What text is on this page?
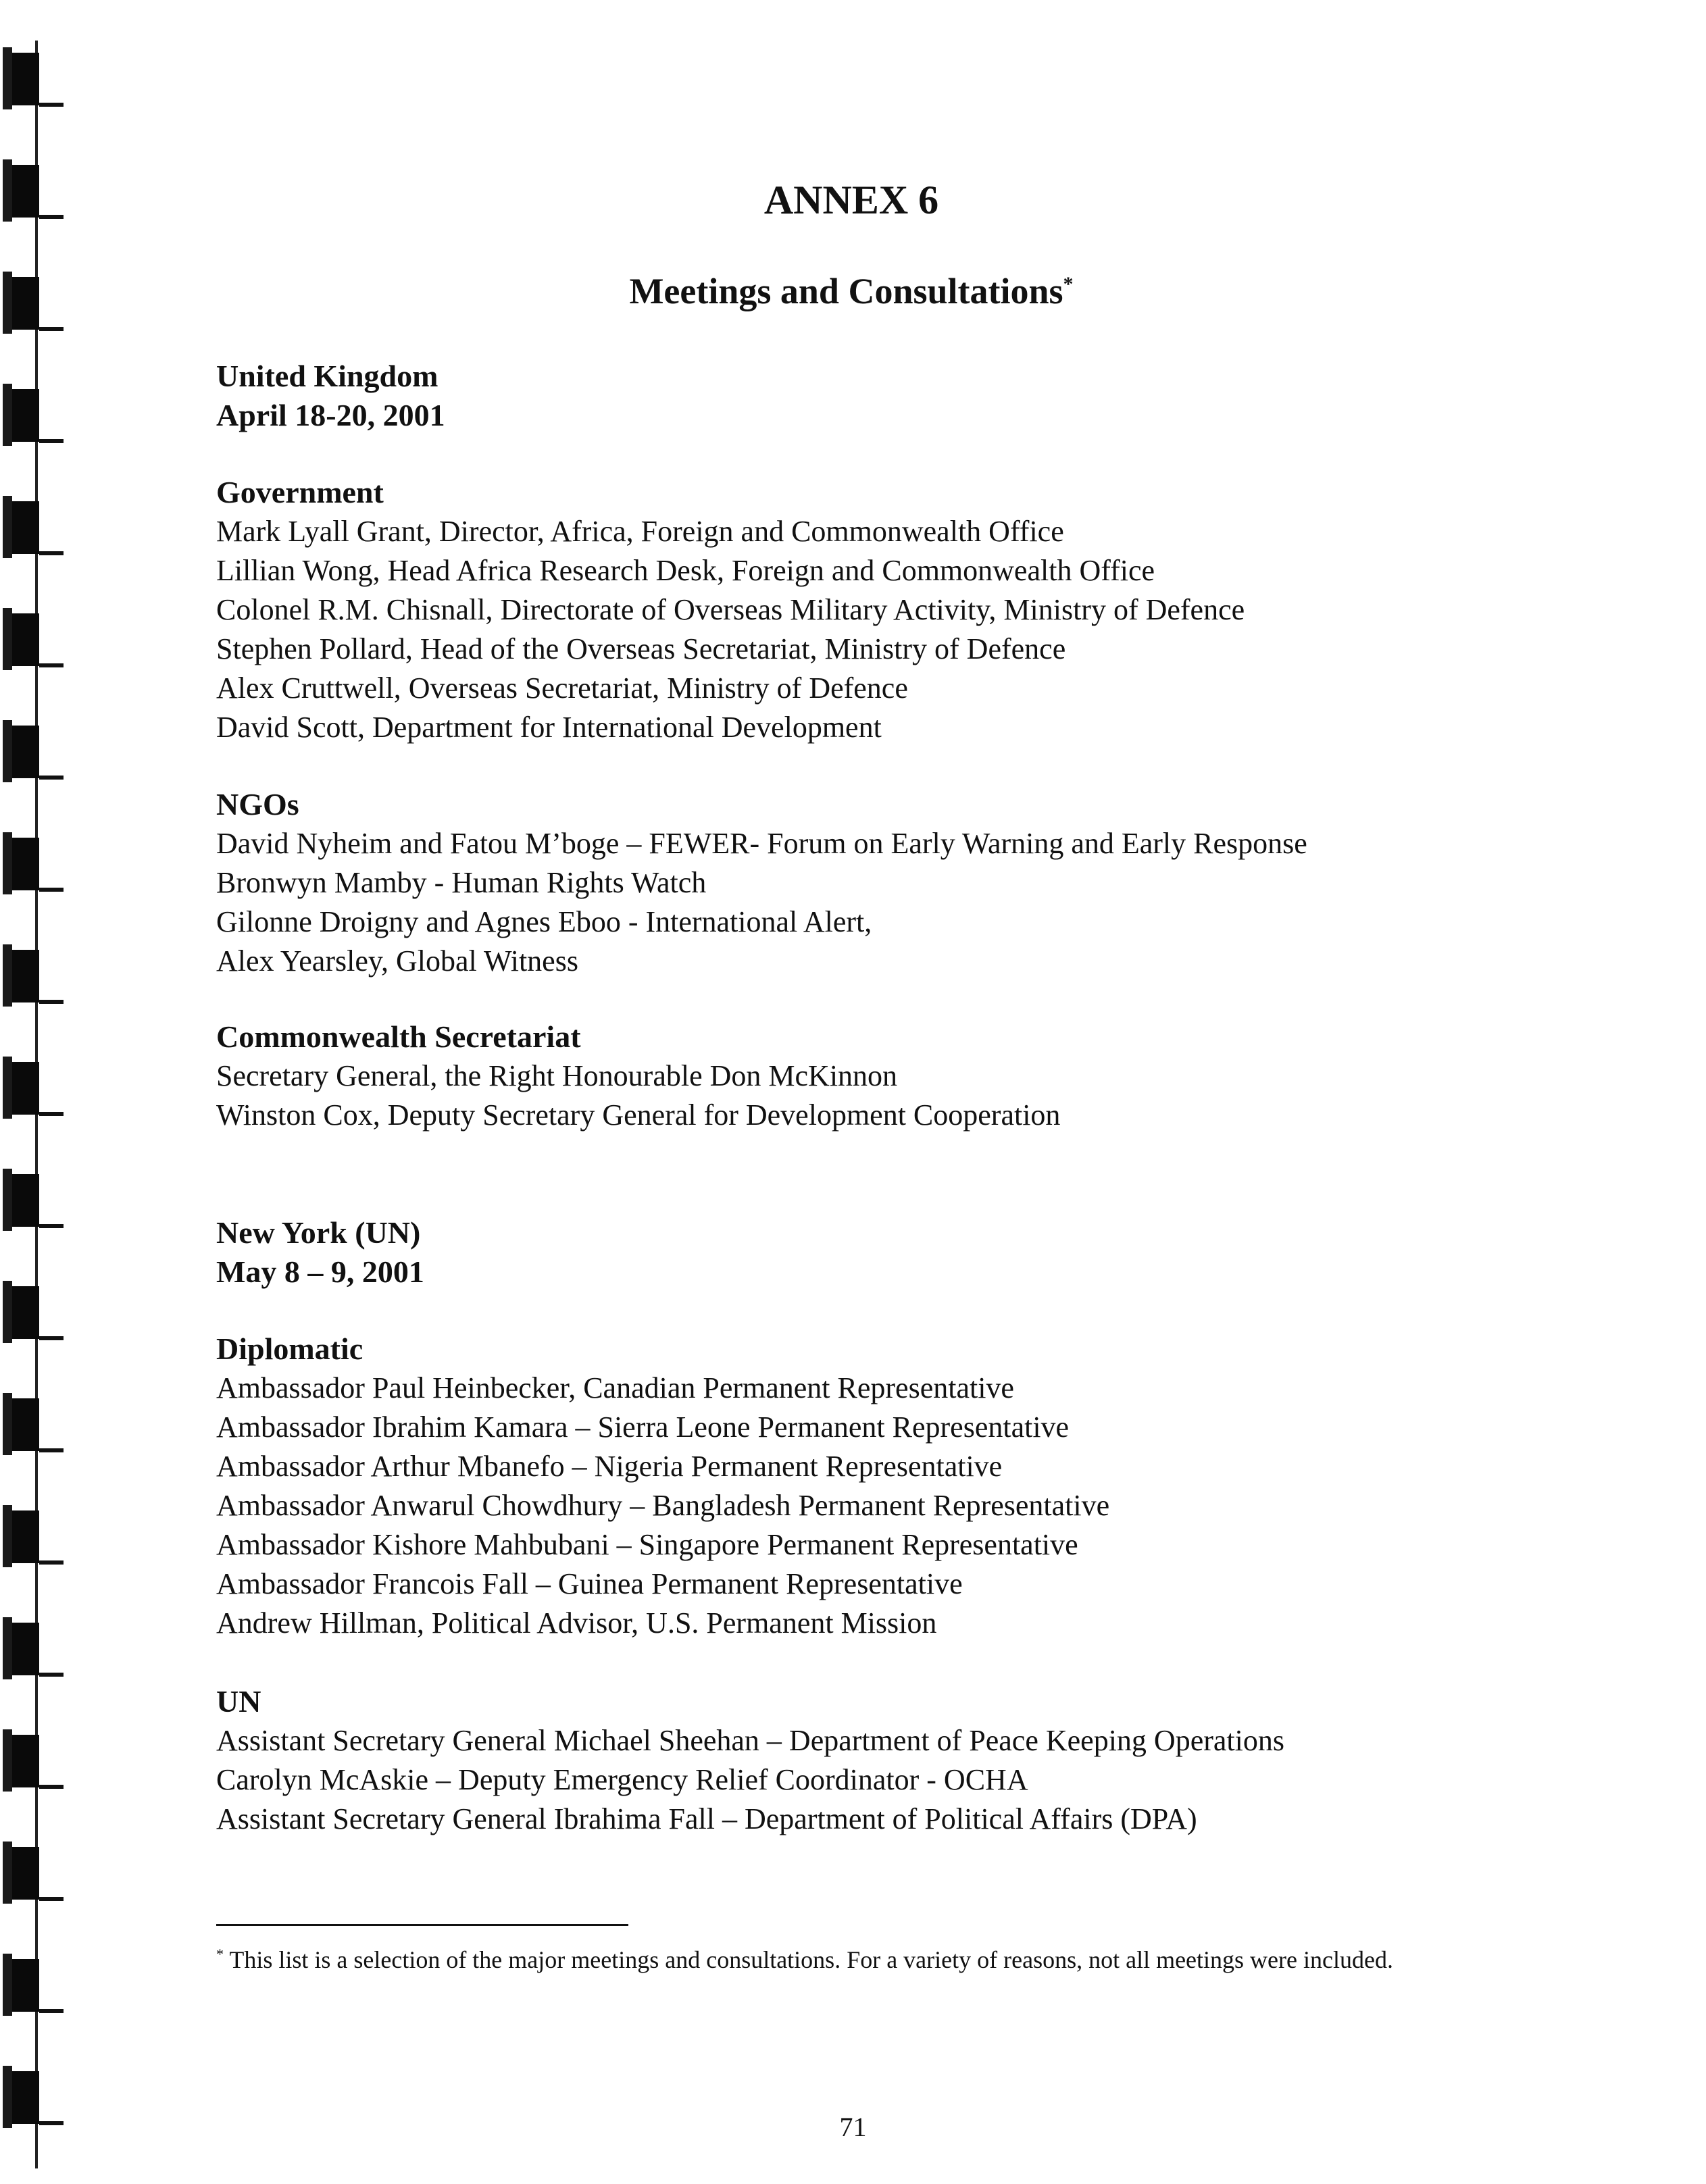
ANNEX 6
Meetings and Consultations*
United Kingdom
April 18-20, 2001
Government
Mark Lyall Grant, Director, Africa, Foreign and Commonwealth Office
Lillian Wong, Head Africa Research Desk, Foreign and Commonwealth Office
Colonel R.M. Chisnall, Directorate of Overseas Military Activity, Ministry of Defence
Stephen Pollard, Head of the Overseas Secretariat, Ministry of Defence
Alex Cruttwell, Overseas Secretariat, Ministry of Defence
David Scott, Department for International Development
NGOs
David Nyheim and Fatou M’boge – FEWER- Forum on Early Warning and Early Response
Bronwyn Mamby - Human Rights Watch
Gilonne Droigny and Agnes Eboo - International Alert,
Alex Yearsley, Global Witness
Commonwealth Secretariat
Secretary General, the Right Honourable Don McKinnon
Winston Cox, Deputy Secretary General for Development Cooperation
New York (UN)
May 8 – 9, 2001
Diplomatic
Ambassador Paul Heinbecker, Canadian Permanent Representative
Ambassador Ibrahim Kamara – Sierra Leone Permanent Representative
Ambassador Arthur Mbanefo – Nigeria Permanent Representative
Ambassador Anwarul Chowdhury – Bangladesh Permanent Representative
Ambassador Kishore Mahbubani – Singapore Permanent Representative
Ambassador Francois Fall – Guinea Permanent Representative
Andrew Hillman, Political Advisor, U.S. Permanent Mission
UN
Assistant Secretary General Michael Sheehan – Department of Peace Keeping Operations
Carolyn McAskie – Deputy Emergency Relief Coordinator - OCHA
Assistant Secretary General Ibrahima Fall – Department of Political Affairs (DPA)
* This list is a selection of the major meetings and consultations. For a variety of reasons, not all meetings were included.
71
